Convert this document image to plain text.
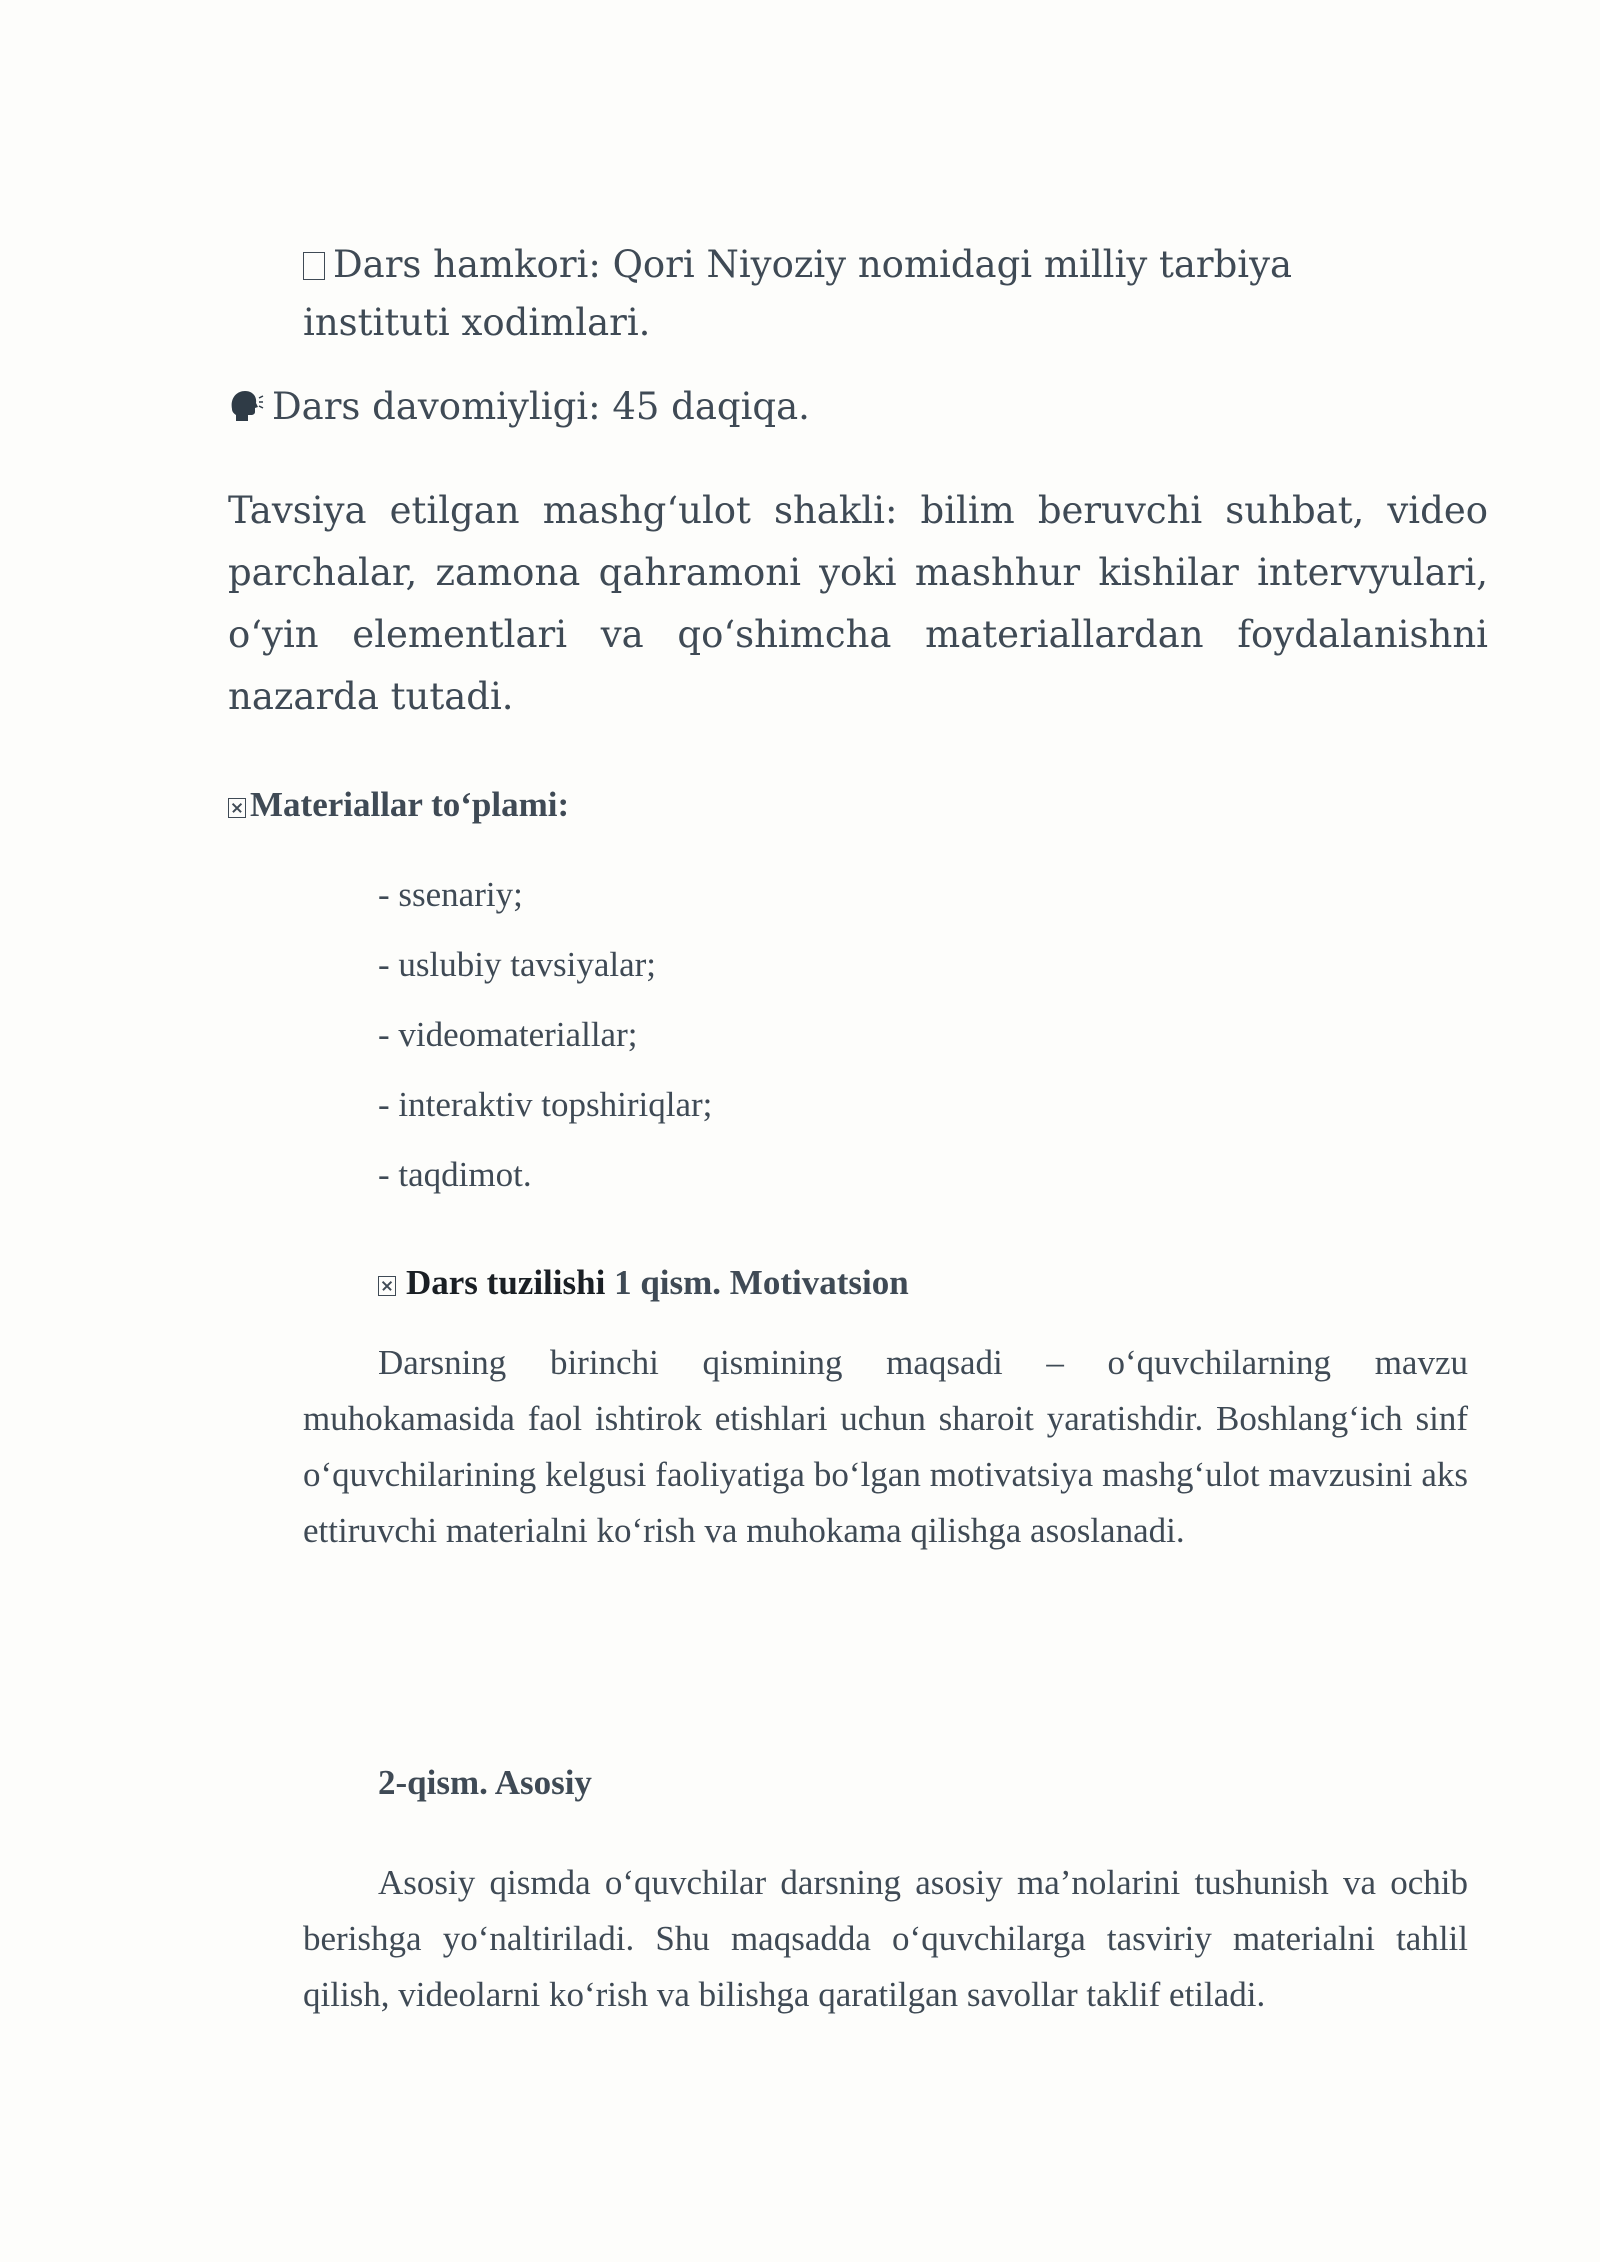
Dars hamkori: Qori Niyoziy nomidagi milliy tarbiya instituti xodimlari.
Dars davomiyligi: 45 daqiqa.
Tavsiya etilgan mashg‘ulot shakli: bilim beruvchi suhbat, video parchalar, zamona qahramoni yoki mashhur kishilar intervyulari, o‘yin elementlari va qo‘shimcha materiallardan foydalanishni nazarda tutadi.
Materiallar to‘plami:
- ssenariy;
- uslubiy tavsiyalar;
- videomateriallar;
- interaktiv topshiriqlar;
- taqdimot.
Dars tuzilishi 1 qism. Motivatsion
Darsning birinchi qismining maqsadi – o‘quvchilarning mavzu muhokamasida faol ishtirok etishlari uchun sharoit yaratishdir. Boshlang‘ich sinf o‘quvchilarining kelgusi faoliyatiga bo‘lgan motivatsiya mashg‘ulot mavzusini aks ettiruvchi materialni ko‘rish va muhokama qilishga asoslanadi.
2-qism. Asosiy
Asosiy qismda o‘quvchilar darsning asosiy ma’nolarini tushunish va ochib berishga yo‘naltiriladi. Shu maqsadda o‘quvchilarga tasviriy materialni tahlil qilish, videolarni ko‘rish va bilishga qaratilgan savollar taklif etiladi.
